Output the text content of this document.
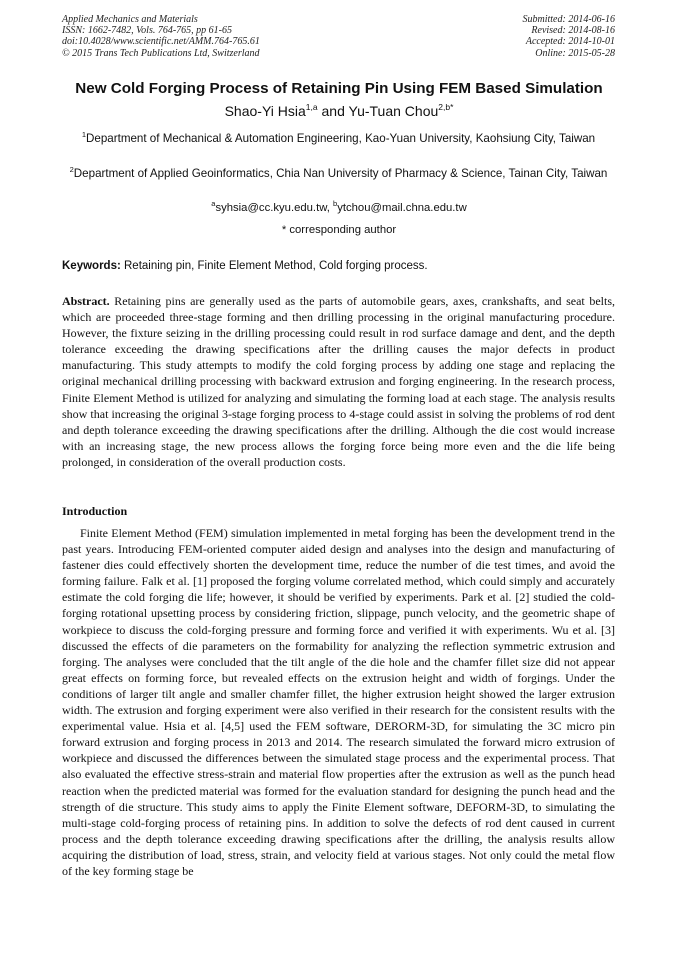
Applied Mechanics and Materials
ISSN: 1662-7482, Vols. 764-765, pp 61-65
doi:10.4028/www.scientific.net/AMM.764-765.61
© 2015 Trans Tech Publications Ltd, Switzerland
Submitted: 2014-06-16
Revised: 2014-08-16
Accepted: 2014-10-01
Online: 2015-05-28
New Cold Forging Process of Retaining Pin Using FEM Based Simulation
Shao-Yi Hsia$^{1,a}$ and Yu-Tuan Chou$^{2,b*}$
$^1$Department of Mechanical & Automation Engineering, Kao-Yuan University, Kaohsiung City, Taiwan
$^2$Department of Applied Geoinformatics, Chia Nan University of Pharmacy & Science, Tainan City, Taiwan
$^a$syhsia@cc.kyu.edu.tw, $^b$ytchou@mail.chna.edu.tw
* corresponding author
Keywords: Retaining pin, Finite Element Method, Cold forging process.
Abstract. Retaining pins are generally used as the parts of automobile gears, axes, crankshafts, and seat belts, which are proceeded three-stage forming and then drilling processing in the original manufacturing procedure. However, the fixture seizing in the drilling processing could result in rod surface damage and dent, and the depth tolerance exceeding the drawing specifications after the drilling causes the major defects in product manufacturing. This study attempts to modify the cold forging process by adding one stage and replacing the original mechanical drilling processing with backward extrusion and forging engineering. In the research process, Finite Element Method is utilized for analyzing and simulating the forming load at each stage. The analysis results show that increasing the original 3-stage forging process to 4-stage could assist in solving the problems of rod dent and depth tolerance exceeding the drawing specifications after the drilling. Although the die cost would increase with an increasing stage, the new process allows the forging force being more even and the die life being prolonged, in consideration of the overall production costs.
Introduction
Finite Element Method (FEM) simulation implemented in metal forging has been the development trend in the past years. Introducing FEM-oriented computer aided design and analyses into the design and manufacturing of fastener dies could effectively shorten the development time, reduce the number of die test times, and avoid the forming failure. Falk et al. [1] proposed the forging volume correlated method, which could simply and accurately estimate the cold forging die life; however, it should be verified by experiments. Park et al. [2] studied the cold-forging rotational upsetting process by considering friction, slippage, punch velocity, and the geometric shape of workpiece to discuss the cold-forging pressure and forming force and verified it with experiments. Wu et al. [3] discussed the effects of die parameters on the formability for analyzing the reflection symmetric extrusion and forging. The analyses were concluded that the tilt angle of the die hole and the chamfer fillet size did not appear great effects on forming force, but revealed effects on the extrusion height and width of forgings. Under the conditions of larger tilt angle and smaller chamfer fillet, the higher extrusion height showed the larger extrusion width. The extrusion and forging experiment were also verified in their research for the consistent results with the experimental value. Hsia et al. [4,5] used the FEM software, DERORM-3D, for simulating the 3C micro pin forward extrusion and forging process in 2013 and 2014. The research simulated the forward micro extrusion of workpiece and discussed the differences between the simulated stage process and the experimental process. That also evaluated the effective stress-strain and material flow properties after the extrusion as well as the punch head reaction when the predicted material was formed for the evaluation standard for designing the punch head and the strength of die structure. This study aims to apply the Finite Element software, DEFORM-3D, to simulating the multi-stage cold-forging process of retaining pins. In addition to solve the defects of rod dent caused in current process and the depth tolerance exceeding drawing specifications after the drilling, the analysis results allow acquiring the distribution of load, stress, strain, and velocity field at various stages. Not only could the metal flow of the key forming stage be
